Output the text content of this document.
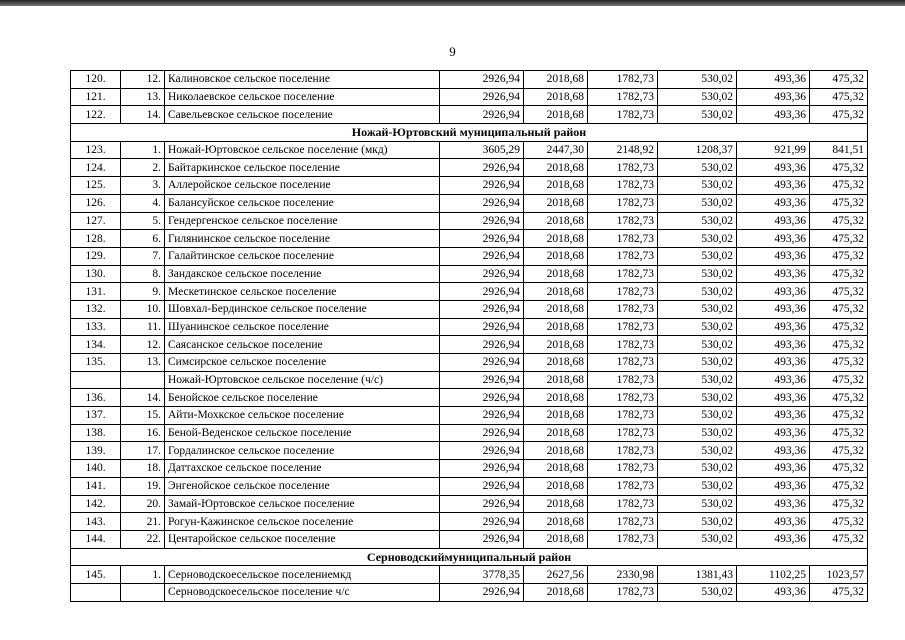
9
120.	12.	Калиновское сельское поселение	2926,94	2018,68	1782,73	530,02	493,36	475,32
121.	13.	Николаевское сельское поселение	2926,94	2018,68	1782,73	530,02	493,36	475,32
122.	14.	Савельевское сельское поселение	2926,94	2018,68	1782,73	530,02	493,36	475,32
Ножай-Юртовский муниципальный район								
123.	1.	Ножай-Юртовское сельское поселение (мкд)	3605,29	2447,30	2148,92	1208,37	921,99	841,51
124.	2.	Байтаркинское сельское поселение	2926,94	2018,68	1782,73	530,02	493,36	475,32
125.	3.	Аллеройское сельское поселение	2926,94	2018,68	1782,73	530,02	493,36	475,32
126.	4.	Балансуйское сельское поселение	2926,94	2018,68	1782,73	530,02	493,36	475,32
127.	5.	Гендергенское сельское поселение	2926,94	2018,68	1782,73	530,02	493,36	475,32
128.	6.	Гилянинское сельское поселение	2926,94	2018,68	1782,73	530,02	493,36	475,32
129.	7.	Галайтинское сельское поселение	2926,94	2018,68	1782,73	530,02	493,36	475,32
130.	8.	Зандакское сельское поселение	2926,94	2018,68	1782,73	530,02	493,36	475,32
131.	9.	Мескетинское сельское поселение	2926,94	2018,68	1782,73	530,02	493,36	475,32
132.	10.	Шовхал-Бердинское сельское поселение	2926,94	2018,68	1782,73	530,02	493,36	475,32
133.	11.	Шуанинское сельское поселение	2926,94	2018,68	1782,73	530,02	493,36	475,32
134.	12.	Саясанское сельское поселение	2926,94	2018,68	1782,73	530,02	493,36	475,32
135.	13.	Симсирское сельское поселение	2926,94	2018,68	1782,73	530,02	493,36	475,32
		Ножай-Юртовское сельское поселение (ч/с)	2926,94	2018,68	1782,73	530,02	493,36	475,32
136.	14.	Бенойское сельское поселение	2926,94	2018,68	1782,73	530,02	493,36	475,32
137.	15.	Айти-Мохкское сельское поселение	2926,94	2018,68	1782,73	530,02	493,36	475,32
138.	16.	Беной-Веденское сельское поселение	2926,94	2018,68	1782,73	530,02	493,36	475,32
139.	17.	Гордалинское сельское поселение	2926,94	2018,68	1782,73	530,02	493,36	475,32
140.	18.	Даттахское сельское поселение	2926,94	2018,68	1782,73	530,02	493,36	475,32
141.	19.	Энгенойское сельское поселение	2926,94	2018,68	1782,73	530,02	493,36	475,32
142.	20.	Замай-Юртовское сельское поселение	2926,94	2018,68	1782,73	530,02	493,36	475,32
143.	21.	Рогун-Кажинское сельское поселение	2926,94	2018,68	1782,73	530,02	493,36	475,32
144.	22.	Центаройское сельское поселение	2926,94	2018,68	1782,73	530,02	493,36	475,32
Серноводскиймуниципальный район								
145.	1.	Серноводскоесельское поселениемкд	3778,35	2627,56	2330,98	1381,43	1102,25	1023,57
		Серноводскоесельское поселение ч/с	2926,94	2018,68	1782,73	530,02	493,36	475,32
